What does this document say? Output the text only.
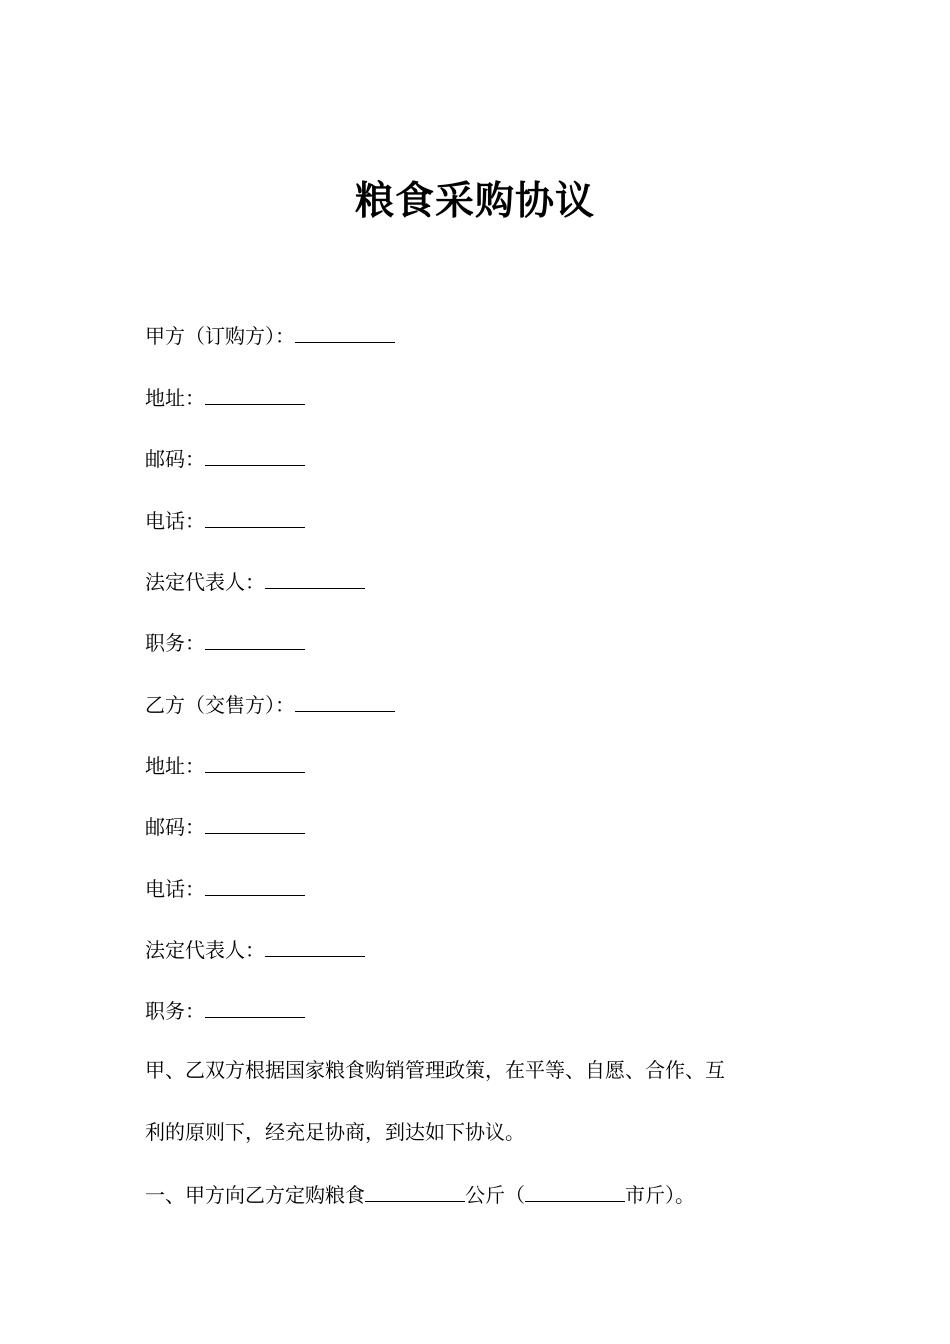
粮食采购协议
甲方（订购方）：
地址：
邮码：
电话：
法定代表人：
职务：
乙方（交售方）：
地址：
邮码：
电话：
法定代表人：
职务：
甲、乙双方根据国家粮食购销管理政策，在平等、自愿、合作、互
利的原则下，经充足协商，到达如下协议。
一、甲方向乙方定购粮食	公斤（	市斤）。
